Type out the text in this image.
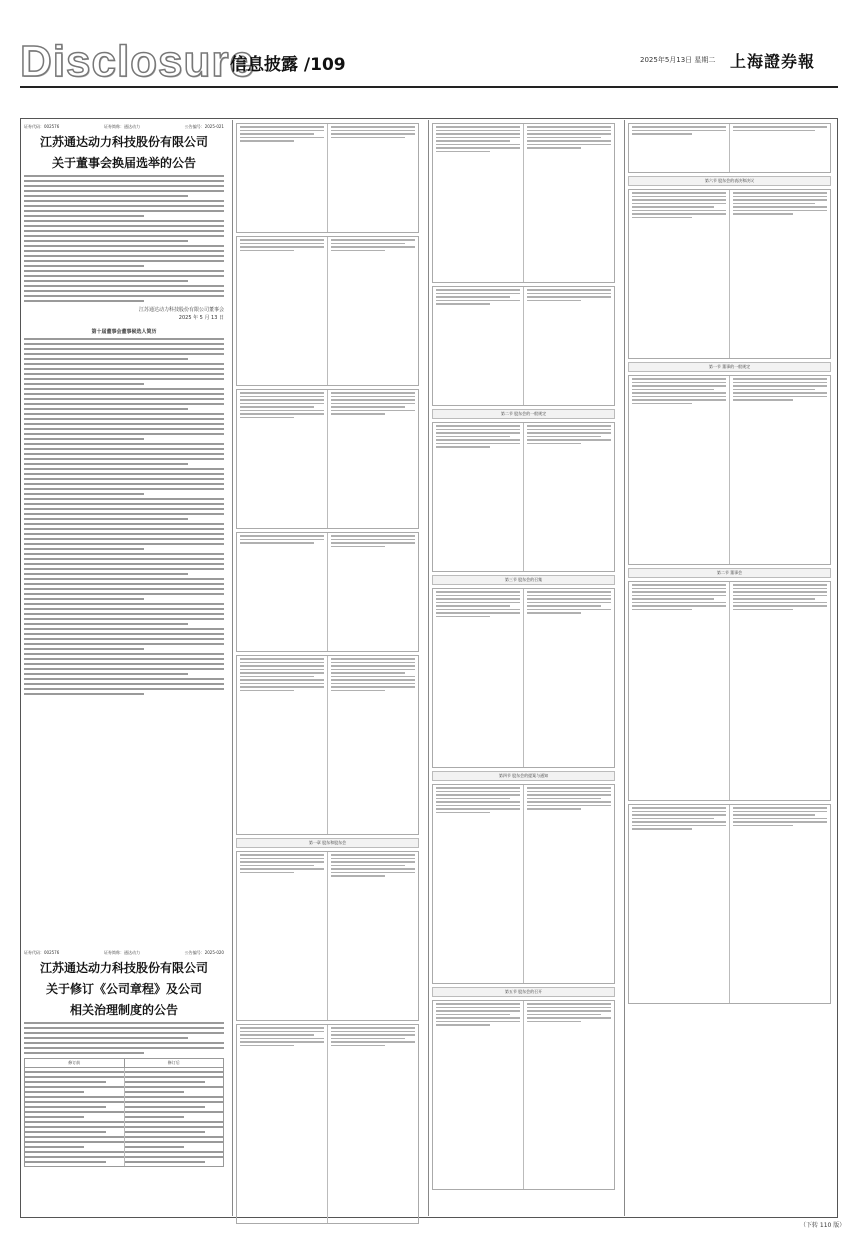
Disclosure
信息披露 /109	2025年5月13日 星期二 上海證券報
证券代码：002576	证券简称：通达动力	公告编号：2025-021
江苏通达动力科技股份有限公司
关于董事会换届选举的公告
江苏通达动力科技股份有限公司董事会
2025 年 5 月 13 日
第十届董事会董事候选人简历
证券代码：002576	证券简称：通达动力	公告编号：2025-020
江苏通达动力科技股份有限公司
关于修订《公司章程》及公司
相关治理制度的公告
修订前	修订后
第一章 股东和股东会
第二节 股东会的一般规定
第三节 股东会的召集
第四节 股东会的提案与通知
第五节 股东会的召开
第六节 股东会的表决和决议
第一节 董事的一般规定
第二节 董事会
（下转 110 版）
